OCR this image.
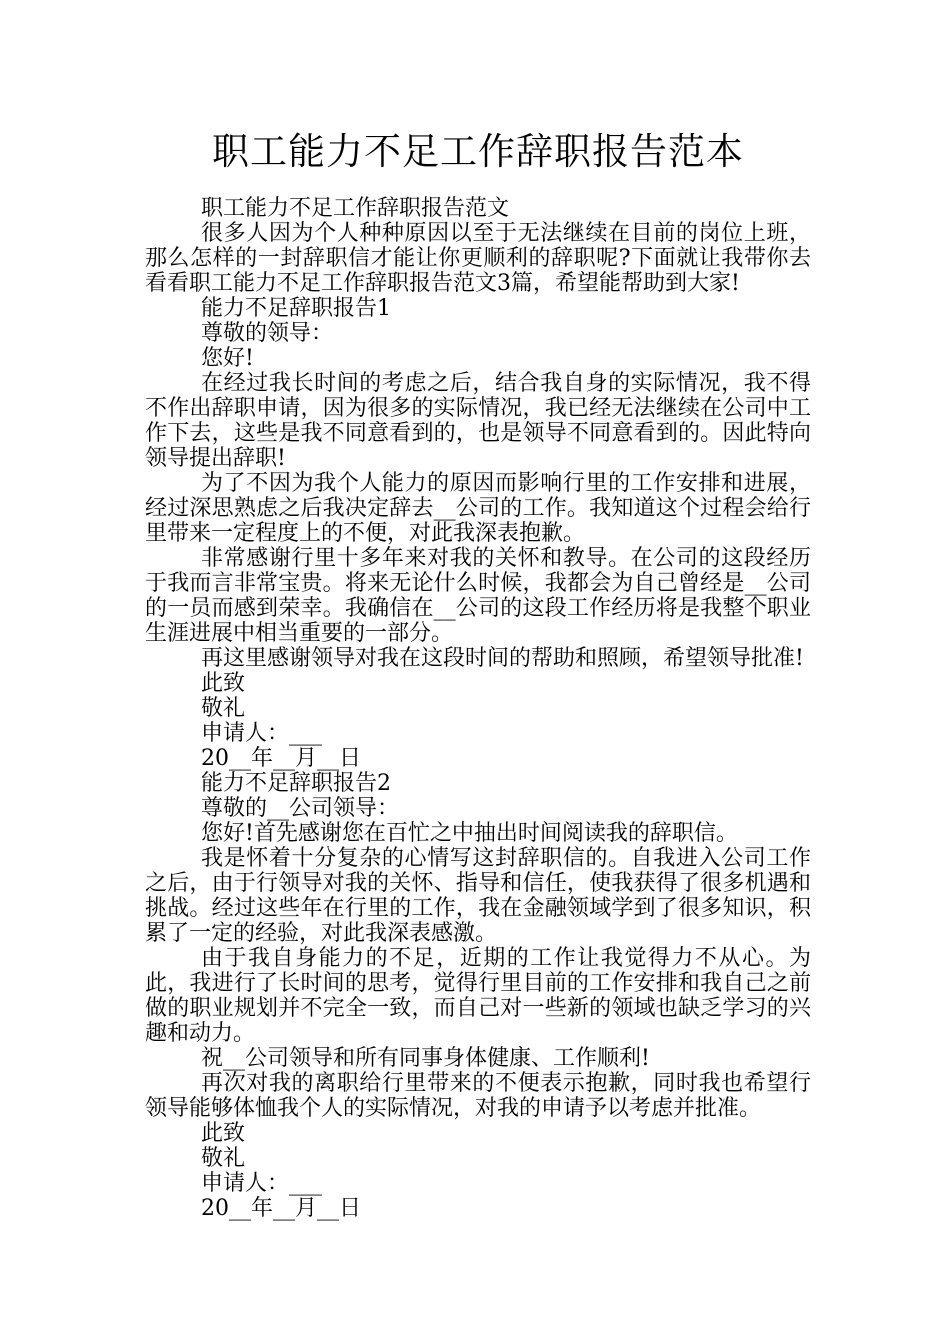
职工能力不足工作辞职报告范本

职工能力不足工作辞职报告范文

很多人因为个人种种原因以至于无法继续在目前的岗位上班，那么怎样的一封辞职信才能让你更顺利的辞职呢?下面就让我带你去看看职工能力不足工作辞职报告范文3篇，希望能帮助到大家!

能力不足辞职报告1

尊敬的领导：

您好!

在经过我长时间的考虑之后，结合我自身的实际情况，我不得不作出辞职申请，因为很多的实际情况，我已经无法继续在公司中工作下去，这些是我不同意看到的，也是领导不同意看到的。因此特向领导提出辞职!

为了不因为我个人能力的原因而影响行里的工作安排和进展，经过深思熟虑之后我决定辞去__公司的工作。我知道这个过程会给行里带来一定程度上的不便，对此我深表抱歉。

非常感谢行里十多年来对我的关怀和教导。在公司的这段经历于我而言非常宝贵。将来无论什么时候，我都会为自己曾经是__公司的一员而感到荣幸。我确信在__公司的这段工作经历将是我整个职业生涯进展中相当重要的一部分。

再这里感谢领导对我在这段时间的帮助和照顾，希望领导批准!

此致

敬礼

申请人：___

20__年__月__日

能力不足辞职报告2

尊敬的__公司领导：

您好!首先感谢您在百忙之中抽出时间阅读我的辞职信。

我是怀着十分复杂的心情写这封辞职信的。自我进入公司工作之后，由于行领导对我的关怀、指导和信任，使我获得了很多机遇和挑战。经过这些年在行里的工作，我在金融领域学到了很多知识，积累了一定的经验，对此我深表感激。

由于我自身能力的不足，近期的工作让我觉得力不从心。为此，我进行了长时间的思考，觉得行里目前的工作安排和我自己之前做的职业规划并不完全一致，而自己对一些新的领域也缺乏学习的兴趣和动力。

祝__公司领导和所有同事身体健康、工作顺利!

再次对我的离职给行里带来的不便表示抱歉，同时我也希望行领导能够体恤我个人的实际情况，对我的申请予以考虑并批准。

此致

敬礼

申请人：___

20__年__月__日
